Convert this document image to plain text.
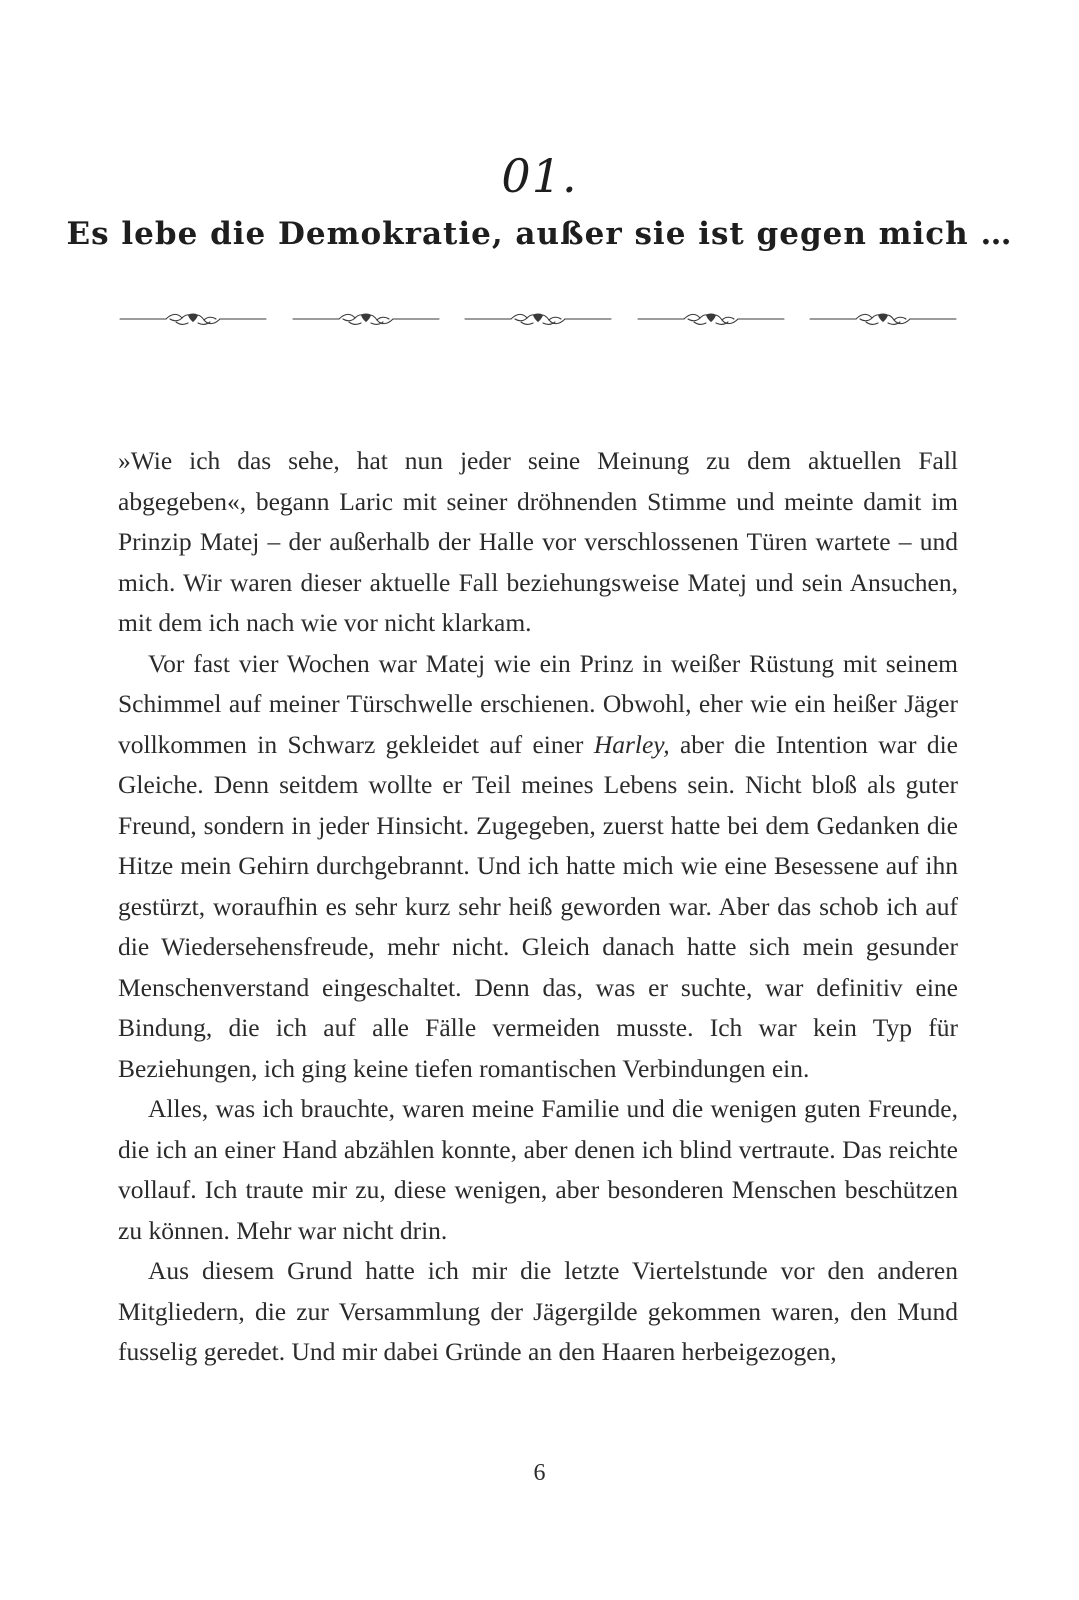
01.
Es lebe die Demokratie, außer sie ist gegen mich …

»Wie ich das sehe, hat nun jeder seine Meinung zu dem aktuellen Fall abgegeben«, begann Laric mit seiner dröhnenden Stimme und meinte damit im Prinzip Matej – der außerhalb der Halle vor verschlossenen Türen wartete – und mich. Wir waren dieser aktuelle Fall beziehungsweise Matej und sein Ansuchen, mit dem ich nach wie vor nicht klarkam.

Vor fast vier Wochen war Matej wie ein Prinz in weißer Rüstung mit seinem Schimmel auf meiner Türschwelle erschienen. Obwohl, eher wie ein heißer Jäger vollkommen in Schwarz gekleidet auf einer Harley, aber die Intention war die Gleiche. Denn seitdem wollte er Teil meines Lebens sein. Nicht bloß als guter Freund, sondern in jeder Hinsicht. Zugegeben, zuerst hatte bei dem Gedanken die Hitze mein Gehirn durchgebrannt. Und ich hatte mich wie eine Besessene auf ihn gestürzt, woraufhin es sehr kurz sehr heiß geworden war. Aber das schob ich auf die Wiedersehensfreude, mehr nicht. Gleich danach hatte sich mein gesunder Menschenverstand eingeschaltet. Denn das, was er suchte, war definitiv eine Bindung, die ich auf alle Fälle vermeiden musste. Ich war kein Typ für Beziehungen, ich ging keine tiefen romantischen Verbindungen ein.

Alles, was ich brauchte, waren meine Familie und die wenigen guten Freunde, die ich an einer Hand abzählen konnte, aber denen ich blind vertraute. Das reichte vollauf. Ich traute mir zu, diese wenigen, aber besonderen Menschen beschützen zu können. Mehr war nicht drin.

Aus diesem Grund hatte ich mir die letzte Viertelstunde vor den anderen Mitgliedern, die zur Versammlung der Jägergilde gekommen waren, den Mund fusselig geredet. Und mir dabei Gründe an den Haaren herbeigezogen,

6
